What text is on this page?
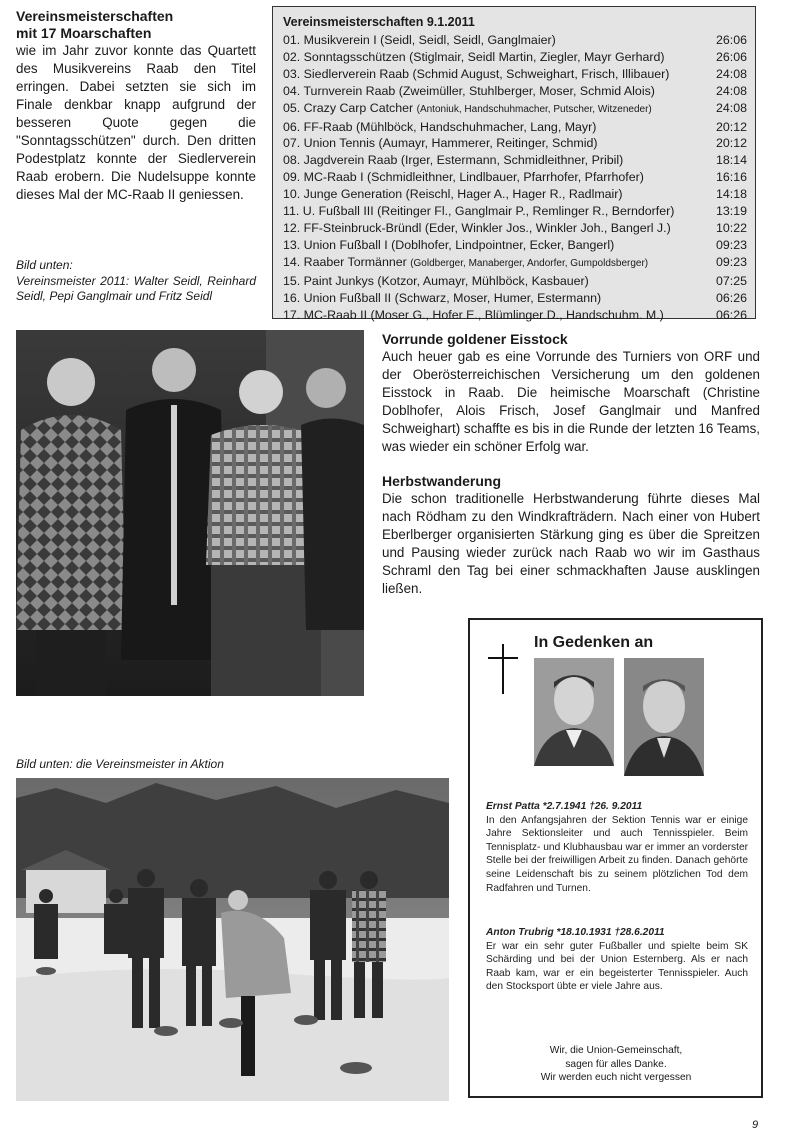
Vereinsmeisterschaften
mit 17 Moarschaften
wie im Jahr zuvor konnte das Quartett des Musikvereins Raab den Titel erringen. Dabei setzten sie sich im Finale denkbar knapp aufgrund der besseren Quote gegen die "Sonntagsschützen" durch. Den dritten Podestplatz konnte der Siedlerverein Raab erobern. Die Nudelsuppe konnte dieses Mal der MC-Raab II geniessen.
Bild unten:
Vereinsmeister 2011: Walter Seidl, Reinhard Seidl, Pepi Ganglmair und Fritz Seidl
Vereinsmeisterschaften 9.1.2011
01. Musikverein I (Seidl, Seidl, Seidl, Ganglmaier)	26:06
02. Sonntagsschützen (Stiglmair, Seidl Martin, Ziegler, Mayr Gerhard)	26:06
03. Siedlerverein Raab (Schmid August, Schweighart, Frisch, Illibauer)	24:08
04. Turnverein Raab (Zweimüller, Stuhlberger, Moser, Schmid Alois)	24:08
05. Crazy Carp Catcher (Antoniuk, Handschuhmacher, Putscher, Witzeneder)	24:08
06. FF-Raab (Mühlböck, Handschuhmacher, Lang, Mayr)	20:12
07. Union Tennis (Aumayr, Hammerer, Reitinger, Schmid)	20:12
08. Jagdverein Raab (Irger, Estermann, Schmidleithner, Pribil)	18:14
09. MC-Raab I (Schmidleithner, Lindlbauer, Pfarrhofer, Pfarrhofer)	16:16
10. Junge Generation (Reischl, Hager A., Hager R., Radlmair)	14:18
11. U. Fußball III (Reitinger Fl., Ganglmair P., Remlinger R., Berndorfer)	13:19
12. FF-Steinbruck-Bründl (Eder, Winkler Jos., Winkler Joh., Bangerl J.)	10:22
13. Union Fußball I (Doblhofer, Lindpointner, Ecker, Bangerl)	09:23
14. Raaber Tormänner (Goldberger, Manaberger, Andorfer, Gumpoldsberger)	09:23
15. Paint Junkys (Kotzor, Aumayr, Mühlböck, Kasbauer)	07:25
16. Union Fußball II (Schwarz, Moser, Humer, Estermann)	06:26
17. MC-Raab II (Moser G., Hofer E., Blümlinger D., Handschuhm. M.)	06:26
Vorrunde goldener Eisstock
Auch heuer gab es eine Vorrunde des Turniers von ORF und der Oberösterreichischen Versicherung um den goldenen Eisstock in Raab. Die heimische Moarschaft (Christine Doblhofer, Alois Frisch, Josef Ganglmair und Manfred Schweighart) schaffte es bis in die Runde der letzten 16 Teams, was wieder ein schöner Erfolg war.
Herbstwanderung
Die schon traditionelle Herbstwanderung führte dieses Mal nach Rödham zu den Windkrafträdern. Nach einer von Hubert Eberlberger organisierten Stärkung ging es über die Spreitzen und Pausing wieder zurück nach Raab wo wir im Gasthaus Schraml den Tag bei einer schmackhaften Jause ausklingen ließen.
Bild unten: die Vereinsmeister in Aktion
In Gedenken an
Ernst Patta *2.7.1941 †26. 9.2011
In den Anfangsjahren der Sektion Tennis war er einige Jahre Sektionsleiter und auch Tennisspieler. Beim Tennisplatz- und Klubhausbau war er immer an vorderster Stelle bei der freiwilligen Arbeit zu finden. Danach gehörte seine Leidenschaft bis zu seinem plötzlichen Tod dem Radfahren und Turnen.
Anton Trubrig *18.10.1931 †28.6.2011
Er war ein sehr guter Fußballer und spielte beim SK Schärding und bei der Union Esternberg. Als er nach Raab kam, war er ein begeisterter Tennisspieler. Auch den Stocksport übte er viele Jahre aus.
Wir, die Union-Gemeinschaft,
sagen für alles Danke.
Wir werden euch nicht vergessen
9
